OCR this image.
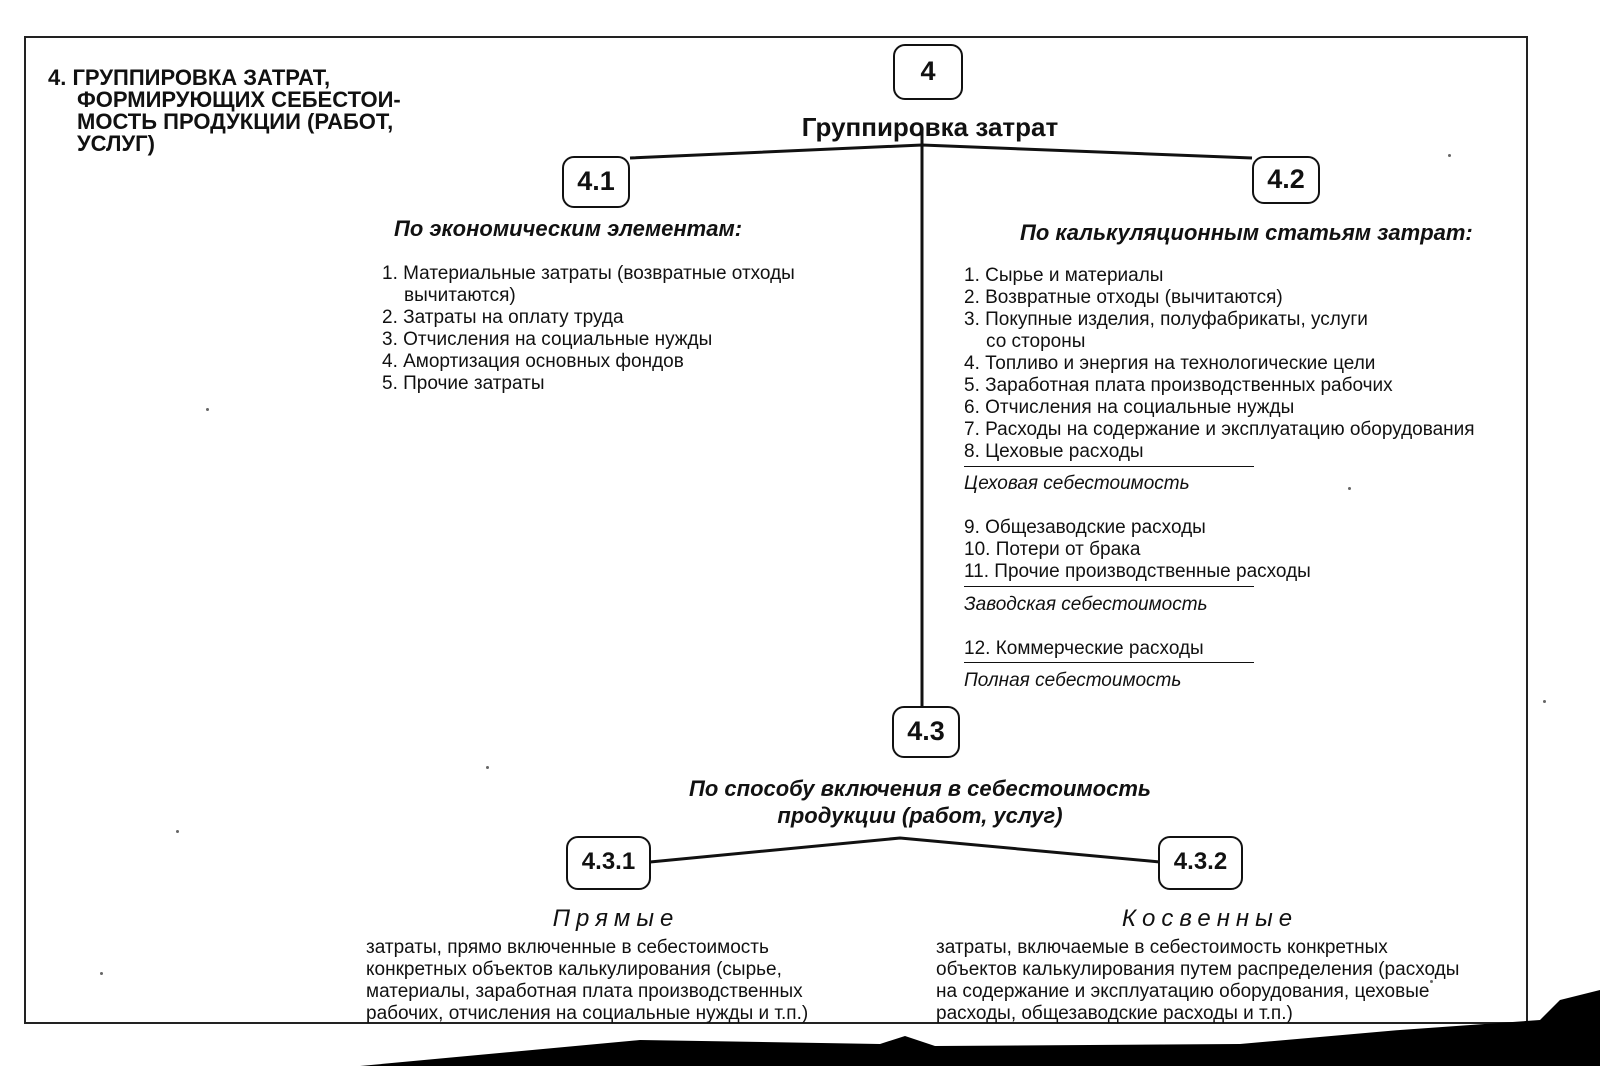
4. ГРУППИРОВКА ЗАТРАТ,
ФОРМИРУЮЩИХ СЕБЕСТОИ-
МОСТЬ ПРОДУКЦИИ (РАБОТ,
УСЛУГ)
4
Группировка затрат
4.1
По экономическим элементам:
1. Материальные затраты (возвратные отходы
вычитаются)
2. Затраты на оплату труда
3. Отчисления на социальные нужды
4. Амортизация основных фондов
5. Прочие затраты
4.2
По калькуляционным статьям затрат:
1. Сырье и материалы
2. Возвратные отходы (вычитаются)
3. Покупные изделия, полуфабрикаты, услуги
со стороны
4. Топливо и энергия на технологические цели
5. Заработная плата производственных рабочих
6. Отчисления на социальные нужды
7. Расходы на содержание и эксплуатацию оборудования
8. Цеховые расходы
Цеховая себестоимость
9. Общезаводские расходы
10. Потери от брака
11. Прочие производственные расходы
Заводская себестоимость
12. Коммерческие расходы
Полная себестоимость
4.3
По способу включения в себестоимость
продукции (работ, услуг)
4.3.1
Прямые
затраты, прямо включенные в себестоимость
конкретных объектов калькулирования (сырье,
материалы, заработная плата производственных
рабочих, отчисления на социальные нужды и т.п.)
4.3.2
Косвенные
затраты, включаемые в себестоимость конкретных
объектов калькулирования путем распределения (расходы
на содержание и эксплуатацию оборудования, цеховые
расходы, общезаводские расходы и т.п.)
